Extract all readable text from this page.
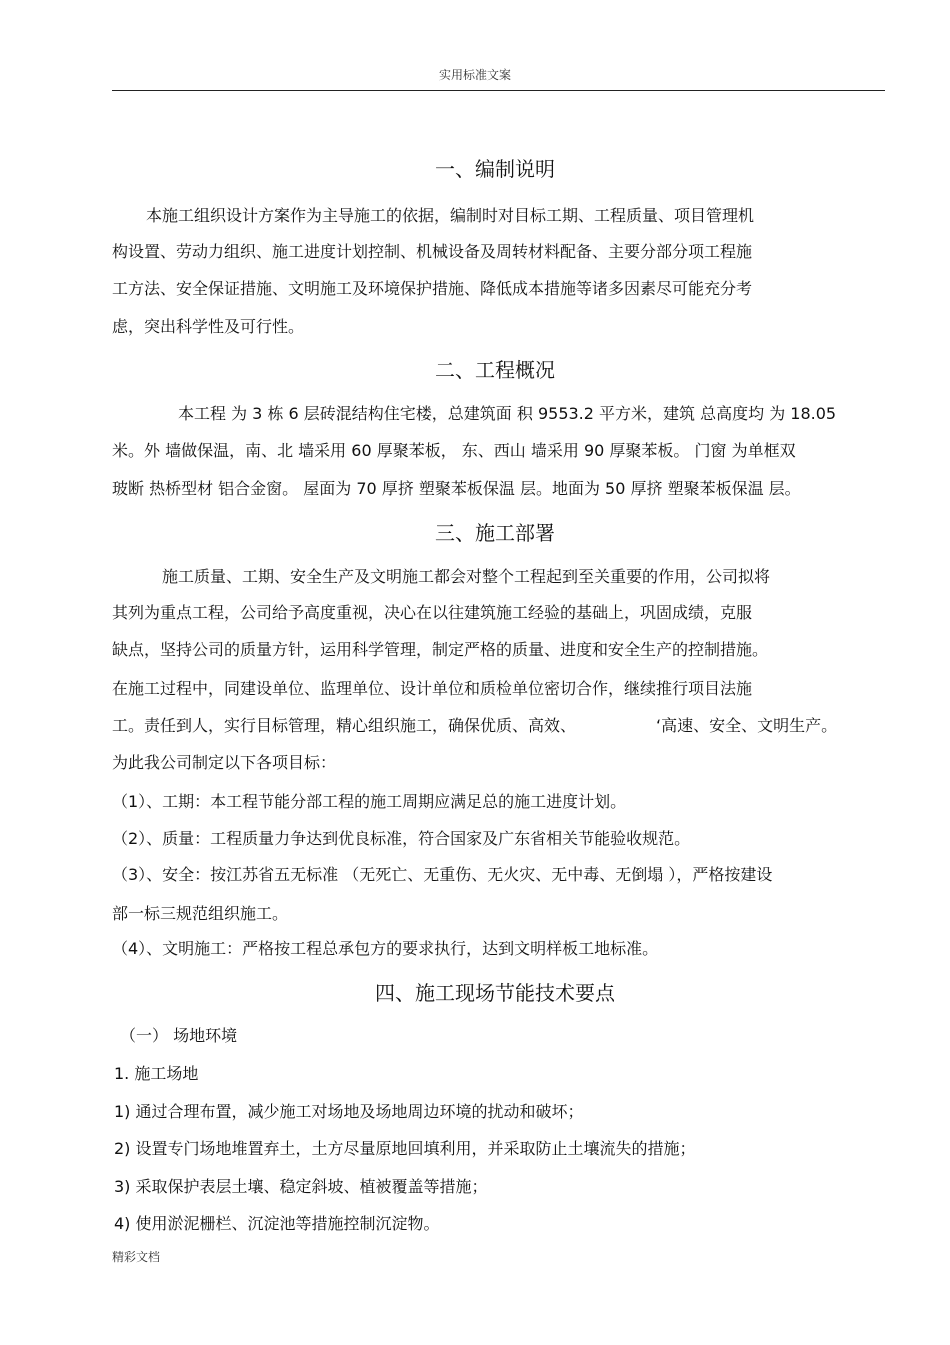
实用标准文案
一、编制说明
本施工组织设计方案作为主导施工的依据，编制时对目标工期、工程质量、项目管理机
构设置、劳动力组织、施工进度计划控制、机械设备及周转材料配备、主要分部分项工程施
工方法、安全保证措施、文明施工及环境保护措施、降低成本措施等诸多因素尽可能充分考
虑，突出科学性及可行性。
二、工程概况
本工程 为 3 栋 6 层砖混结构住宅楼，总建筑面 积 9553.2 平方米，建筑 总高度均 为 18.05
米。外 墙做保温，南、北 墙采用 60 厚聚苯板， 东、西山 墙采用 90 厚聚苯板。 门窗 为单框双
玻断 热桥型材 铝合金窗。 屋面为 70 厚挤 塑聚苯板保温 层。地面为 50 厚挤 塑聚苯板保温 层。
三、施工部署
施工质量、工期、安全生产及文明施工都会对整个工程起到至关重要的作用，公司拟将
其列为重点工程，公司给予高度重视，决心在以往建筑施工经验的基础上，巩固成绩，克服
缺点，坚持公司的质量方针，运用科学管理，制定严格的质量、进度和安全生产的控制措施。
在施工过程中，同建设单位、监理单位、设计单位和质检单位密切合作，继续推行项目法施
工。责任到人，实行目标管理，精心组织施工，确保优质、高效、	‘高速、安全、文明生产。
为此我公司制定以下各项目标：
（1）、工期：本工程节能分部工程的施工周期应满足总的施工进度计划。
（2）、质量：工程质量力争达到优良标准，符合国家及广东省相关节能验收规范。
（3）、安全：按江苏省五无标准 （无死亡、无重伤、无火灾、无中毒、无倒塌 ），严格按建设
部一标三规范组织施工。
（4）、文明施工：严格按工程总承包方的要求执行，达到文明样板工地标准。
四、施工现场节能技术要点
（一） 场地环境
1. 施工场地
1) 通过合理布置，减少施工对场地及场地周边环境的扰动和破坏；
2) 设置专门场地堆置弃土，土方尽量原地回填利用，并采取防止土壤流失的措施；
3) 采取保护表层土壤、稳定斜坡、植被覆盖等措施；
4) 使用淤泥栅栏、沉淀池等措施控制沉淀物。
精彩文档
